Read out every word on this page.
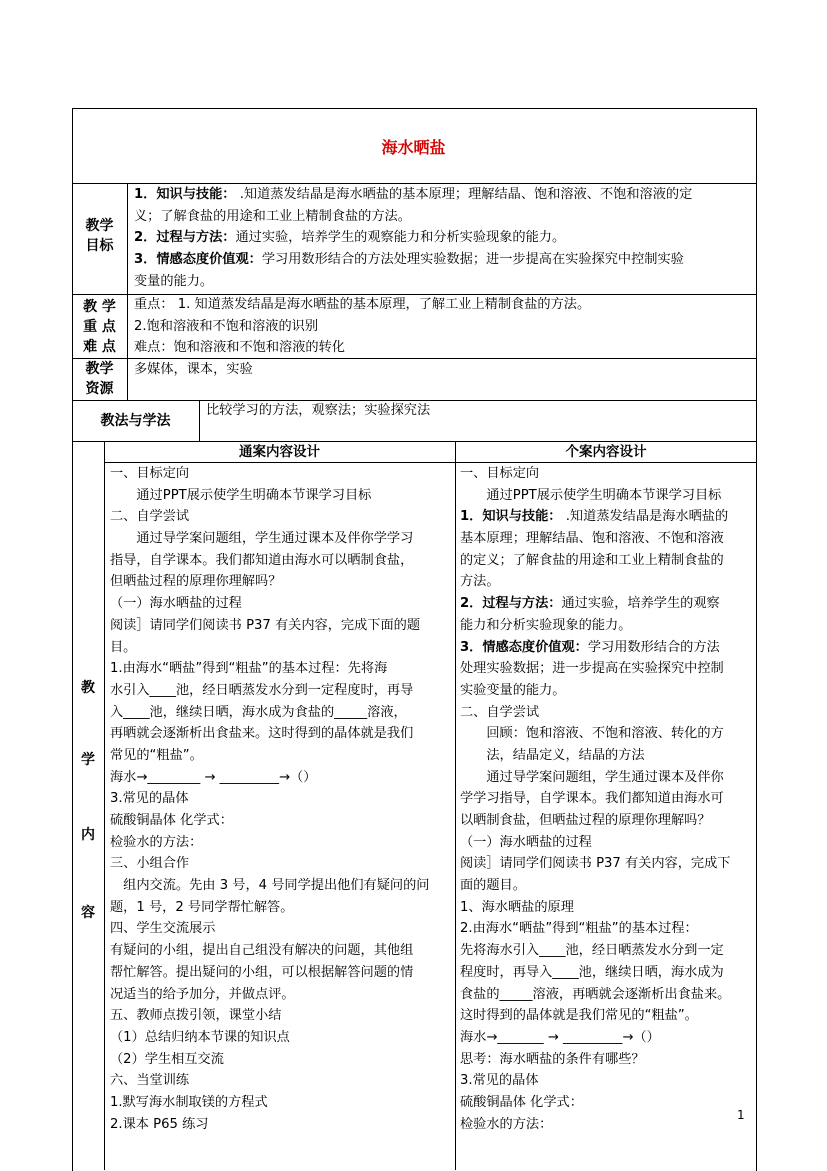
海水晒盐
教学
目标
1．知识与技能： .知道蒸发结晶是海水晒盐的基本原理；理解结晶、饱和溶液、不饱和溶液的定
义；了解食盐的用途和工业上精制食盐的方法。
2．过程与方法：通过实验，培养学生的观察能力和分析实验现象的能力。
3．情感态度价值观：学习用数形结合的方法处理实验数据；进一步提高在实验探究中控制实验
变量的能力。
教 学
重 点
难 点
重点： 1. 知道蒸发结晶是海水晒盐的基本原理，了解工业上精制食盐的方法。
2.饱和溶液和不饱和溶液的识别
难点：饱和溶液和不饱和溶液的转化
教学
资源
多媒体，课本，实验
教法与学法
比较学习的方法，观察法；实验探究法
通案内容设计	个案内容设计
教
学
内
容
一、目标定向
　　通过PPT展示使学生明确本节课学习目标
二、自学尝试
　　通过导学案问题组，学生通过课本及伴你学学习
指导，自学课本。我们都知道由海水可以晒制食盐，
但晒盐过程的原理你理解吗？
（一）海水晒盐的过程
阅读］请同学们阅读书 P37 有关内容，完成下面的题
目。
1.由海水“晒盐”得到“粗盐”的基本过程：先将海
水引入____池，经日晒蒸发水分到一定程度时，再导
入____池，继续日晒，海水成为食盐的_____溶液，
再晒就会逐渐析出食盐来。这时得到的晶体就是我们
常见的“粗盐”。
海水→________ → _________→（）
3.常见的晶体
硫酸铜晶体 化学式：
检验水的方法：
三、小组合作
　组内交流。先由 3 号，4 号同学提出他们有疑问的问
题，1 号，2 号同学帮忙解答。
四、学生交流展示
有疑问的小组，提出自己组没有解决的问题，其他组
帮忙解答。提出疑问的小组，可以根据解答问题的情
况适当的给予加分，并做点评。
五、教师点拨引领，课堂小结
（1）总结归纳本节课的知识点
（2）学生相互交流
六、当堂训练
1.默写海水制取镁的方程式
2.课本 P65 练习
一、目标定向
　　通过PPT展示使学生明确本节课学习目标
1．知识与技能： .知道蒸发结晶是海水晒盐的
基本原理；理解结晶、饱和溶液、不饱和溶液
的定义；了解食盐的用途和工业上精制食盐的
方法。
2．过程与方法：通过实验，培养学生的观察
能力和分析实验现象的能力。
3．情感态度价值观：学习用数形结合的方法
处理实验数据；进一步提高在实验探究中控制
实验变量的能力。
二、自学尝试
　　回顾：饱和溶液、不饱和溶液、转化的方
　　法，结晶定义，结晶的方法
　　通过导学案问题组，学生通过课本及伴你
学学习指导，自学课本。我们都知道由海水可
以晒制食盐，但晒盐过程的原理你理解吗？
（一）海水晒盐的过程
阅读］请同学们阅读书 P37 有关内容，完成下
面的题目。
1、海水晒盐的原理
2.由海水“晒盐”得到“粗盐”的基本过程：
先将海水引入____池，经日晒蒸发水分到一定
程度时，再导入____池，继续日晒，海水成为
食盐的_____溶液，再晒就会逐渐析出食盐来。
这时得到的晶体就是我们常见的“粗盐”。
海水→_______ → _________→（）
思考：海水晒盐的条件有哪些？
3.常见的晶体
硫酸铜晶体 化学式：
检验水的方法：
1
